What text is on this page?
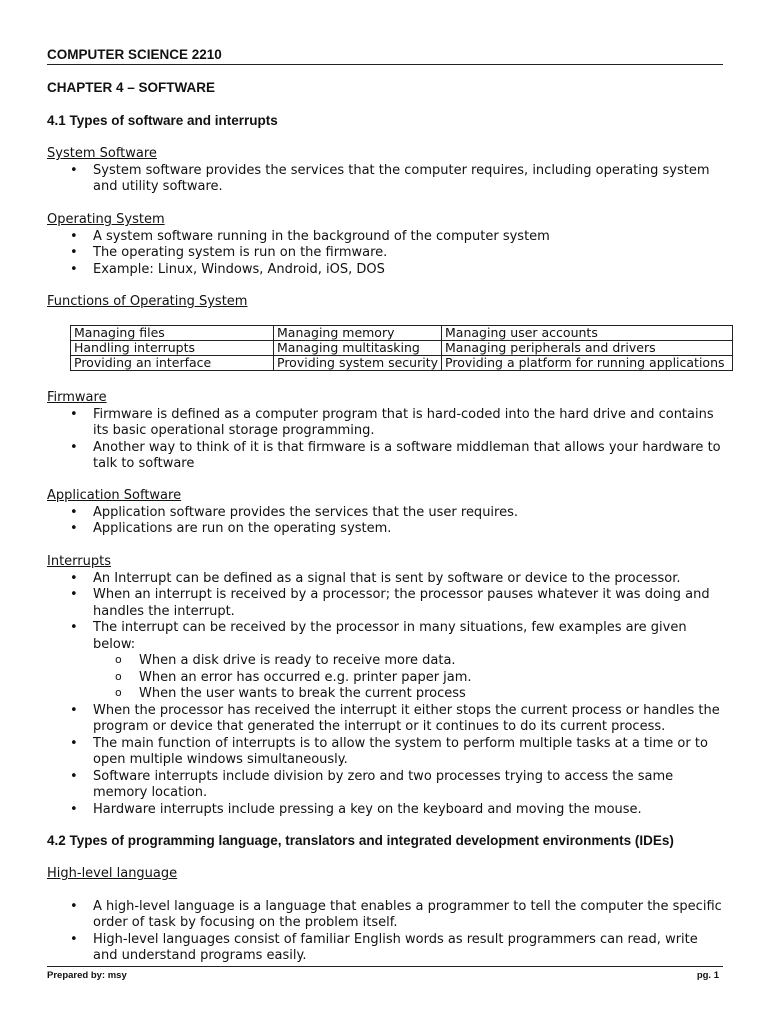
COMPUTER SCIENCE 2210
CHAPTER 4 – SOFTWARE
4.1 Types of software and interrupts
System Software
• System software provides the services that the computer requires, including operating system and utility software.
Operating System
• A system software running in the background of the computer system
• The operating system is run on the firmware.
• Example: Linux, Windows, Android, iOS, DOS
Functions of Operating System
Managing files	Managing memory	Managing user accounts
Handling interrupts	Managing multitasking	Managing peripherals and drivers
Providing an interface	Providing system security	Providing a platform for running applications
Firmware
• Firmware is defined as a computer program that is hard-coded into the hard drive and contains its basic operational storage programming.
• Another way to think of it is that firmware is a software middleman that allows your hardware to talk to software
Application Software
• Application software provides the services that the user requires.
• Applications are run on the operating system.
Interrupts
• An Interrupt can be defined as a signal that is sent by software or device to the processor.
• When an interrupt is received by a processor; the processor pauses whatever it was doing and handles the interrupt.
• The interrupt can be received by the processor in many situations, few examples are given below:
o When a disk drive is ready to receive more data.
o When an error has occurred e.g. printer paper jam.
o When the user wants to break the current process
• When the processor has received the interrupt it either stops the current process or handles the program or device that generated the interrupt or it continues to do its current process.
• The main function of interrupts is to allow the system to perform multiple tasks at a time or to open multiple windows simultaneously.
• Software interrupts include division by zero and two processes trying to access the same memory location.
• Hardware interrupts include pressing a key on the keyboard and moving the mouse.
4.2 Types of programming language, translators and integrated development environments (IDEs)
High-level language
• A high-level language is a language that enables a programmer to tell the computer the specific order of task by focusing on the problem itself.
• High-level languages consist of familiar English words as result programmers can read, write and understand programs easily.
Prepared by: msy	pg. 1
